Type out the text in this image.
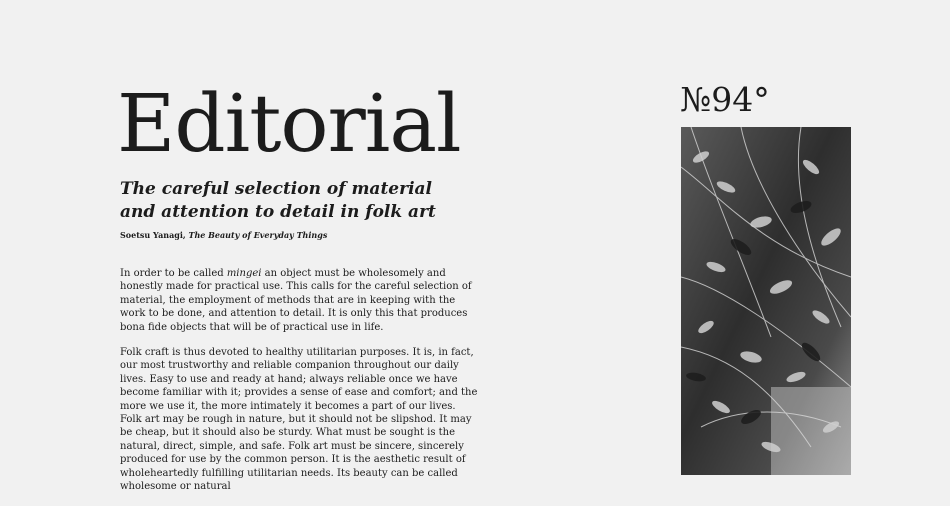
Editorial
The careful selection of material
and attention to detail in folk art
Soetsu Yanagi, The Beauty of Everyday Things

In order to be called mingei an object must be wholesomely and honestly made for practical use. This calls for the careful selection of material, the employment of methods that are in keeping with the work to be done, and attention to detail. It is only this that produces bona fide objects that will be of practical use in life.

Folk craft is thus devoted to healthy utilitarian purposes. It is, in fact, our most trustworthy and reliable companion throughout our daily lives. Easy to use and ready at hand; always reliable once we have become familiar with it; provides a sense of ease and comfort; and the more we use it, the more intimately it becomes a part of our lives. Folk art may be rough in nature, but it should not be slipshod. It may be cheap, but it should also be sturdy. What must be sought is the natural, direct, simple, and safe. Folk art must be sincere, sincerely produced for use by the common person. It is the aesthetic result of wholeheartedly fulfilling utilitarian needs. Its beauty can be called wholesome or natural

№94°
